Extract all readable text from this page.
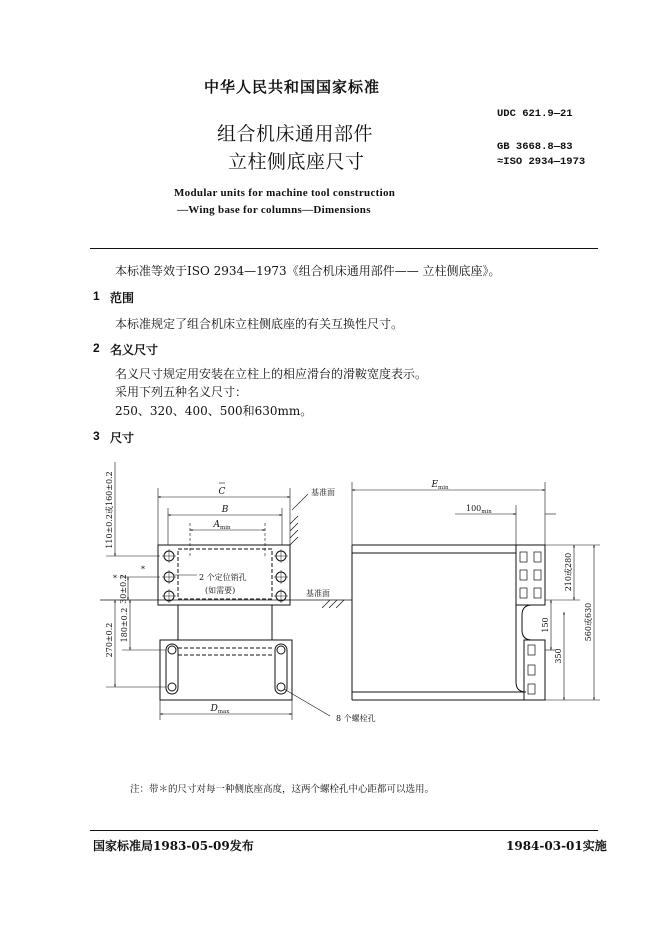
中华人民共和国国家标准
UDC 621.9—21
组合机床通用部件
立柱侧底座尺寸
GB 3668.8—83
≈ISO 2934—1973
Modular units for machine tool construction
—Wing base for columns—Dimensions
本标准等效于ISO 2934—1973《组合机床通用部件—— 立柱侧底座》。
1 范围
本标准规定了组合机床立柱侧底座的有关互换性尺寸。
2 名义尺寸
名义尺寸规定用安装在立柱上的相应滑台的滑鞍宽度表示。
采用下列五种名义尺寸：
250、320、400、500和630mm。
3 尺寸
C
B
Amin
基准面
Emin
100min
2 个定位销孔
(如需要)	基准面
Dmax
8 个螺栓孔
110±0.2或160±0.2
30±0.2
180±0.2
270±0.2
*
*	210或280
560或630
150
350
注：带＊的尺寸对每一种侧底座高度，这两个螺栓孔中心距都可以选用。
国家标准局1983-05-09发布	1984-03-01实施
